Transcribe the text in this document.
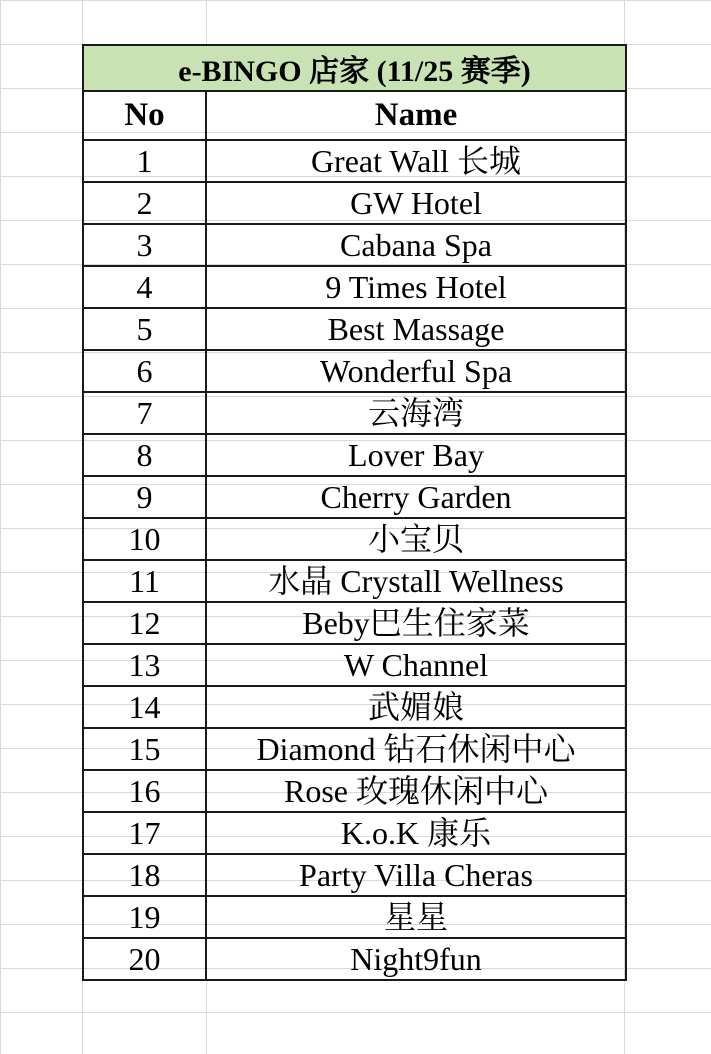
e-BINGO 店家 (11/25 赛季)	
No	Name
1	Great Wall 长城
2	GW Hotel
3	Cabana Spa
4	9 Times Hotel
5	Best Massage
6	Wonderful Spa
7	云海湾
8	Lover Bay
9	Cherry Garden
10	小宝贝
11	水晶 Crystall Wellness
12	Beby巴生住家菜
13	W Channel
14	武媚娘
15	Diamond 钻石休闲中心
16	Rose 玫瑰休闲中心
17	K.o.K 康乐
18	Party Villa Cheras
19	星星
20	Night9fun
